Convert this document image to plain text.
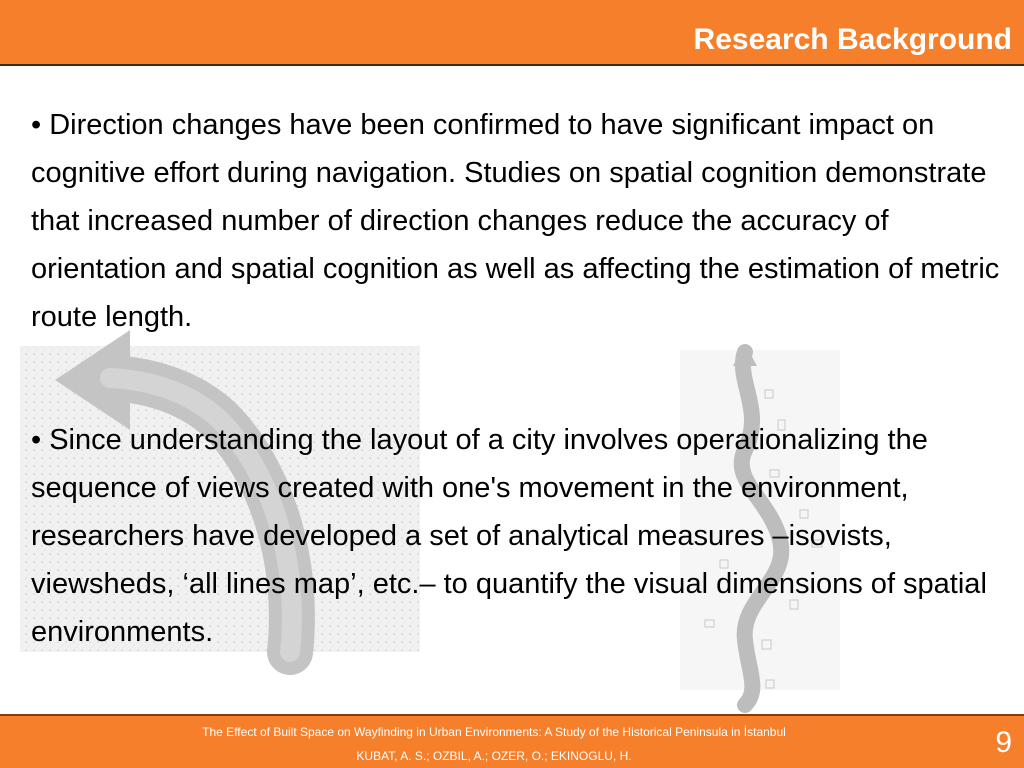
Research Background
• Direction changes have been confirmed to have significant impact on cognitive effort during navigation. Studies on spatial cognition demonstrate that increased number of direction changes reduce the accuracy of orientation and spatial cognition as well as affecting the estimation of metric route length.
• Since understanding the layout of a city involves operationalizing the sequence of views created with one's movement in the environment, researchers have developed a set of analytical measures –isovists, viewsheds, ‘all lines map’, etc.– to quantify the visual dimensions of spatial environments.
The Effect of Built Space on Wayfinding in Urban Environments: A Study of the Historical Peninsula in İstanbul
KUBAT, A. S.; OZBIL, A.; OZER, O.; EKINOGLU, H.	9
